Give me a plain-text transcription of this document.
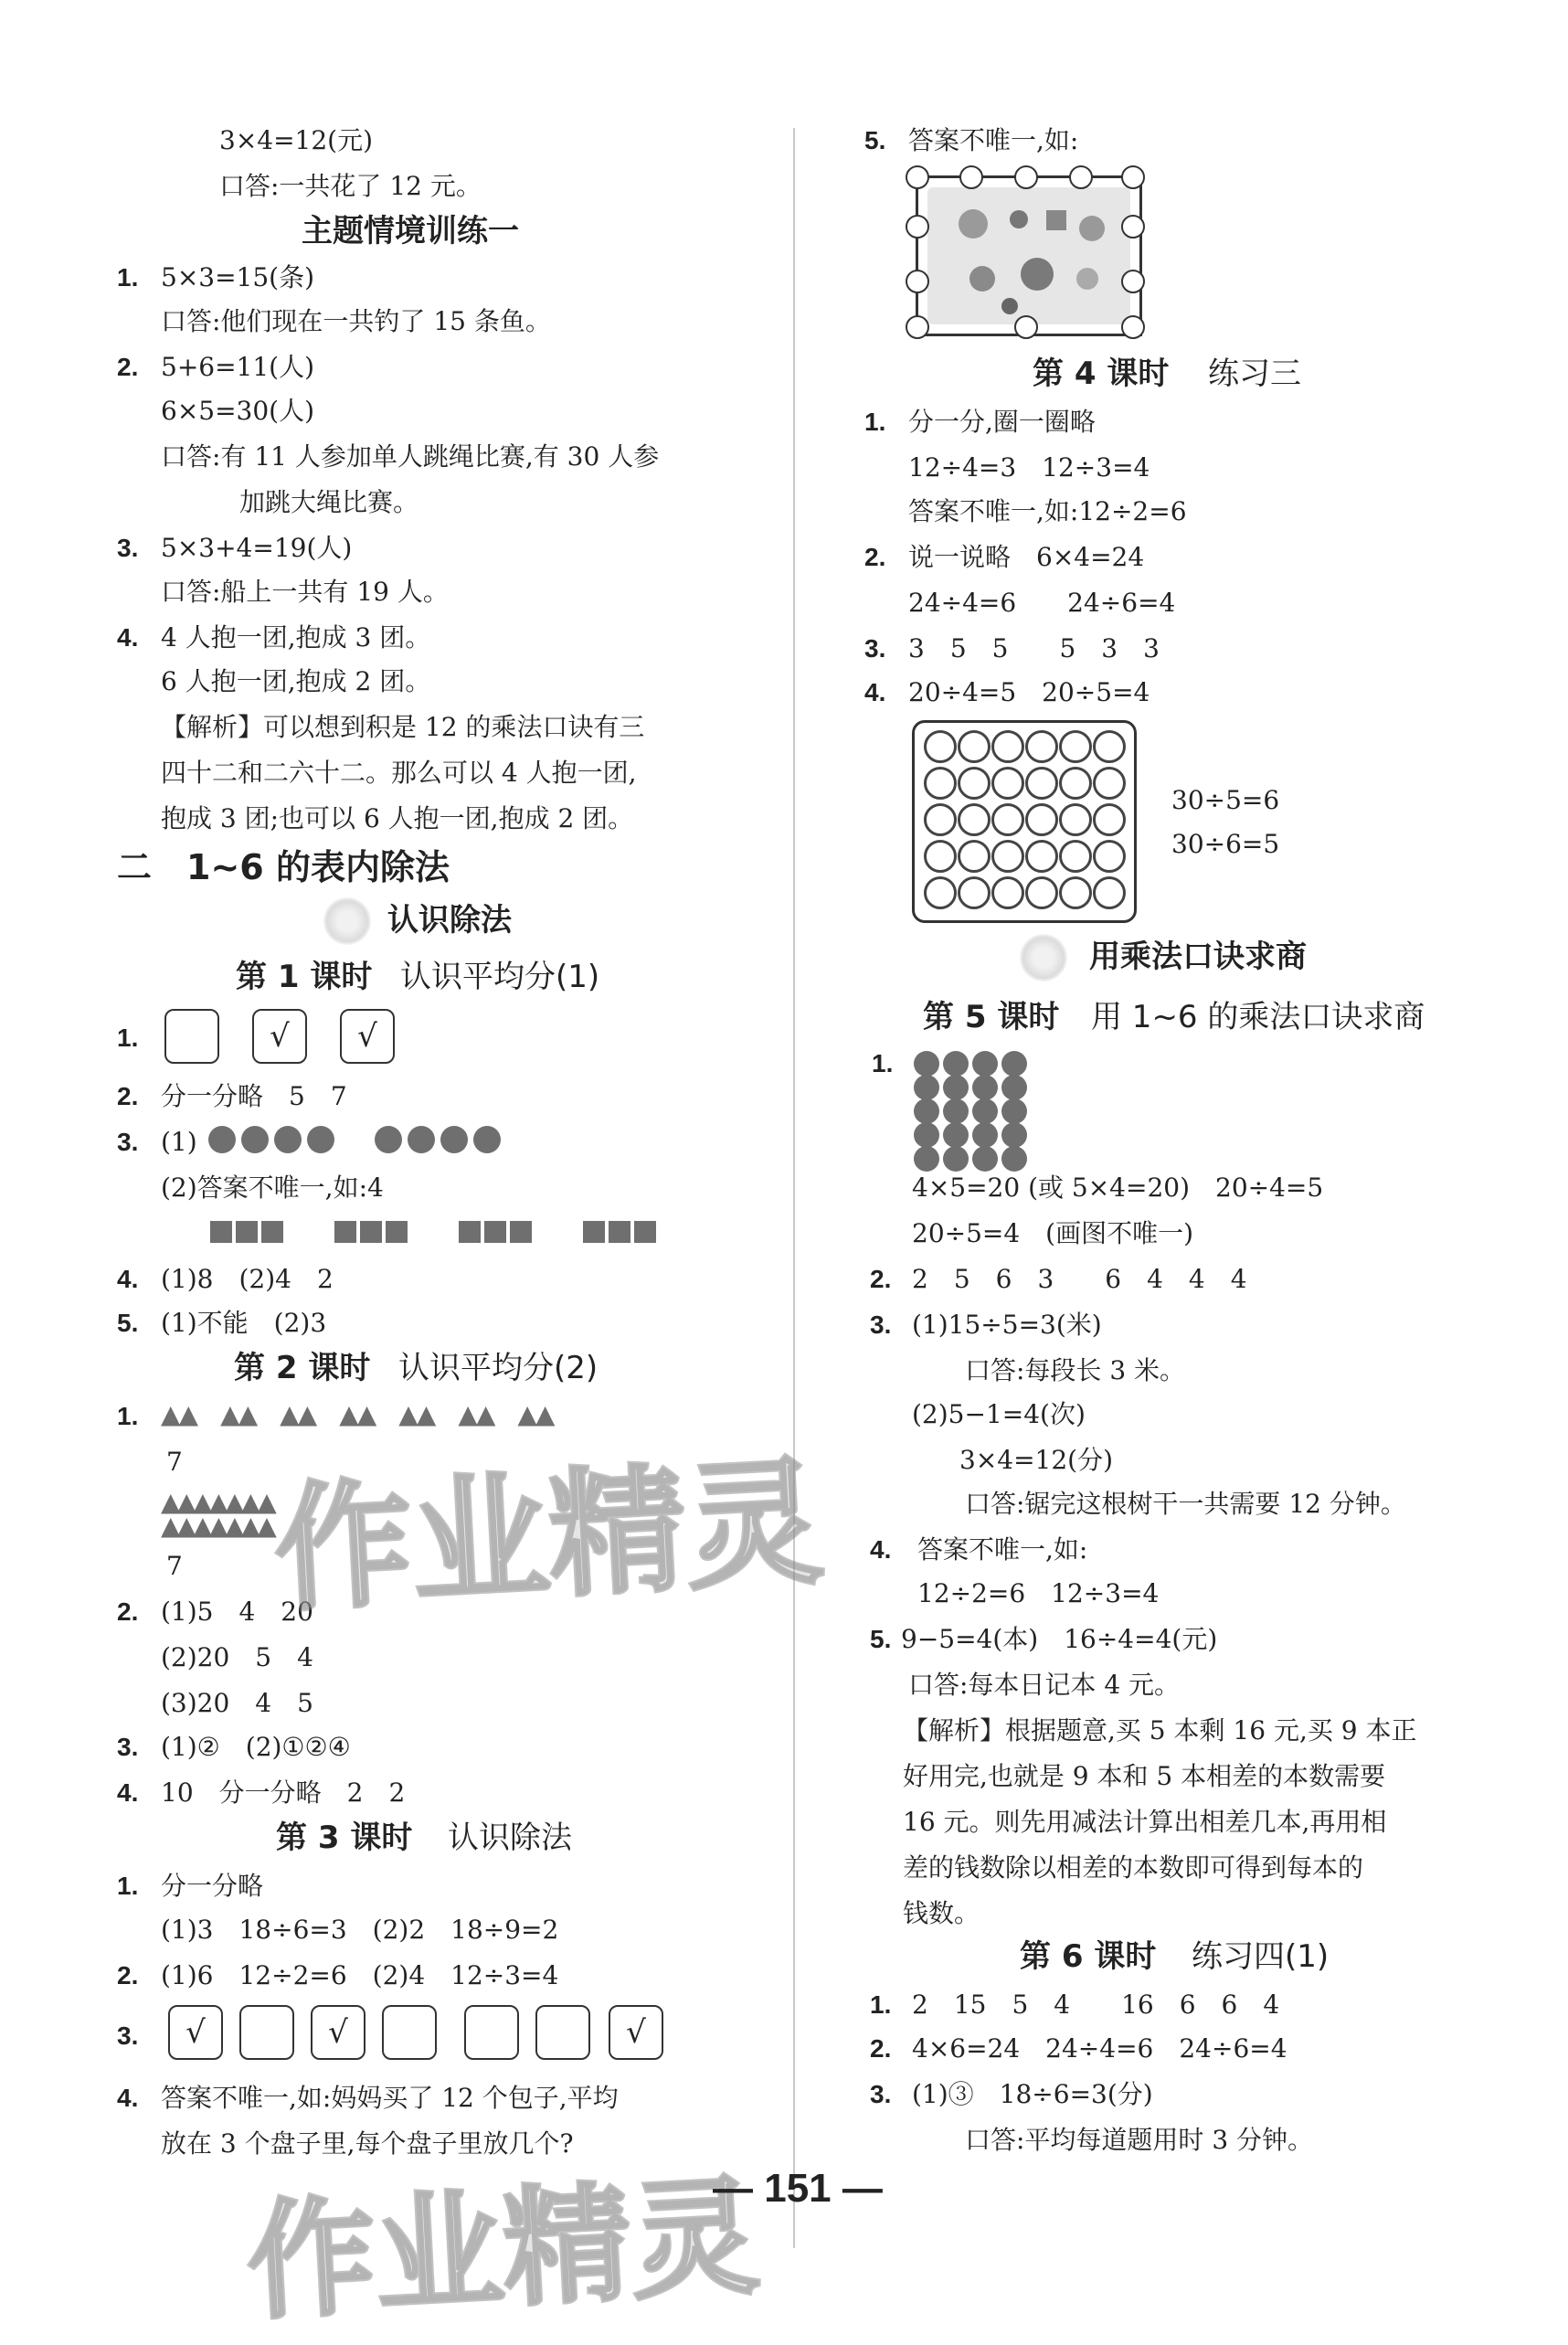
3×4=12(元)
口答:一共花了 12 元。
主题情境训练一
1. 5×3=15(条)
口答:他们现在一共钓了 15 条鱼。
2. 5+6=11(人)
6×5=30(人)
口答:有 11 人参加单人跳绳比赛,有 30 人参
加跳大绳比赛。
3. 5×3+4=19(人)
口答:船上一共有 19 人。
4. 4 人抱一团,抱成 3 团。
6 人抱一团,抱成 2 团。
【解析】可以想到积是 12 的乘法口诀有三
四十二和二六十二。那么可以 4 人抱一团,
抱成 3 团;也可以 6 人抱一团,抱成 2 团。
二　1~6 的表内除法
认识除法
第 1 课时 认识平均分(1)
1.	√	√
2. 分一分略　5　7
3. (1)
(2)答案不唯一,如:4
4. (1)8　(2)4　2
5. (1)不能　(2)3
第 2 课时 认识平均分(2)
1. ▲▲　▲▲　▲▲　▲▲　▲▲　▲▲　▲▲
7
▲▲▲▲▲▲▲
▲▲▲▲▲▲▲
7
2. (1)5　4　20
(2)20　5　4
(3)20　4　5
3. (1)②　(2)①②④
4. 10　分一分略　2　2
第 3 课时 认识除法
1. 分一分略
(1)3　18÷6=3　(2)2　18÷9=2
2. (1)6　12÷2=6　(2)4　12÷3=4
3.	√	√	√
4. 答案不唯一,如:妈妈买了 12 个包子,平均
放在 3 个盘子里,每个盘子里放几个?
5. 答案不唯一,如:
第 4 课时 练习三
1. 分一分,圈一圈略
12÷4=3　12÷3=4
答案不唯一,如:12÷2=6
2. 说一说略　6×4=24
24÷4=6　　24÷6=4
3. 3　5　5　　5　3　3
4. 20÷4=5　20÷5=4
30÷5=6
30÷6=5
用乘法口诀求商
第 5 课时 用 1~6 的乘法口诀求商
1.
4×5=20 (或 5×4=20)　20÷4=5
20÷5=4　(画图不唯一)
2. 2　5　6　3　　6　4　4　4
3. (1)15÷5=3(米)
口答:每段长 3 米。
(2)5−1=4(次)
3×4=12(分)
口答:锯完这根树干一共需要 12 分钟。
4. 答案不唯一,如:
12÷2=6　12÷3=4
5. 9−5=4(本)　16÷4=4(元)
口答:每本日记本 4 元。
【解析】根据题意,买 5 本剩 16 元,买 9 本正
好用完,也就是 9 本和 5 本相差的本数需要
16 元。则先用减法计算出相差几本,再用相
差的钱数除以相差的本数即可得到每本的
钱数。
第 6 课时 练习四(1)
1. 2　15　5　4　　16　6　6　4
2. 4×6=24　24÷4=6　24÷6=4
3. (1)③　18÷6=3(分)
口答:平均每道题用时 3 分钟。
作业精灵
作业精灵
— 151 —
